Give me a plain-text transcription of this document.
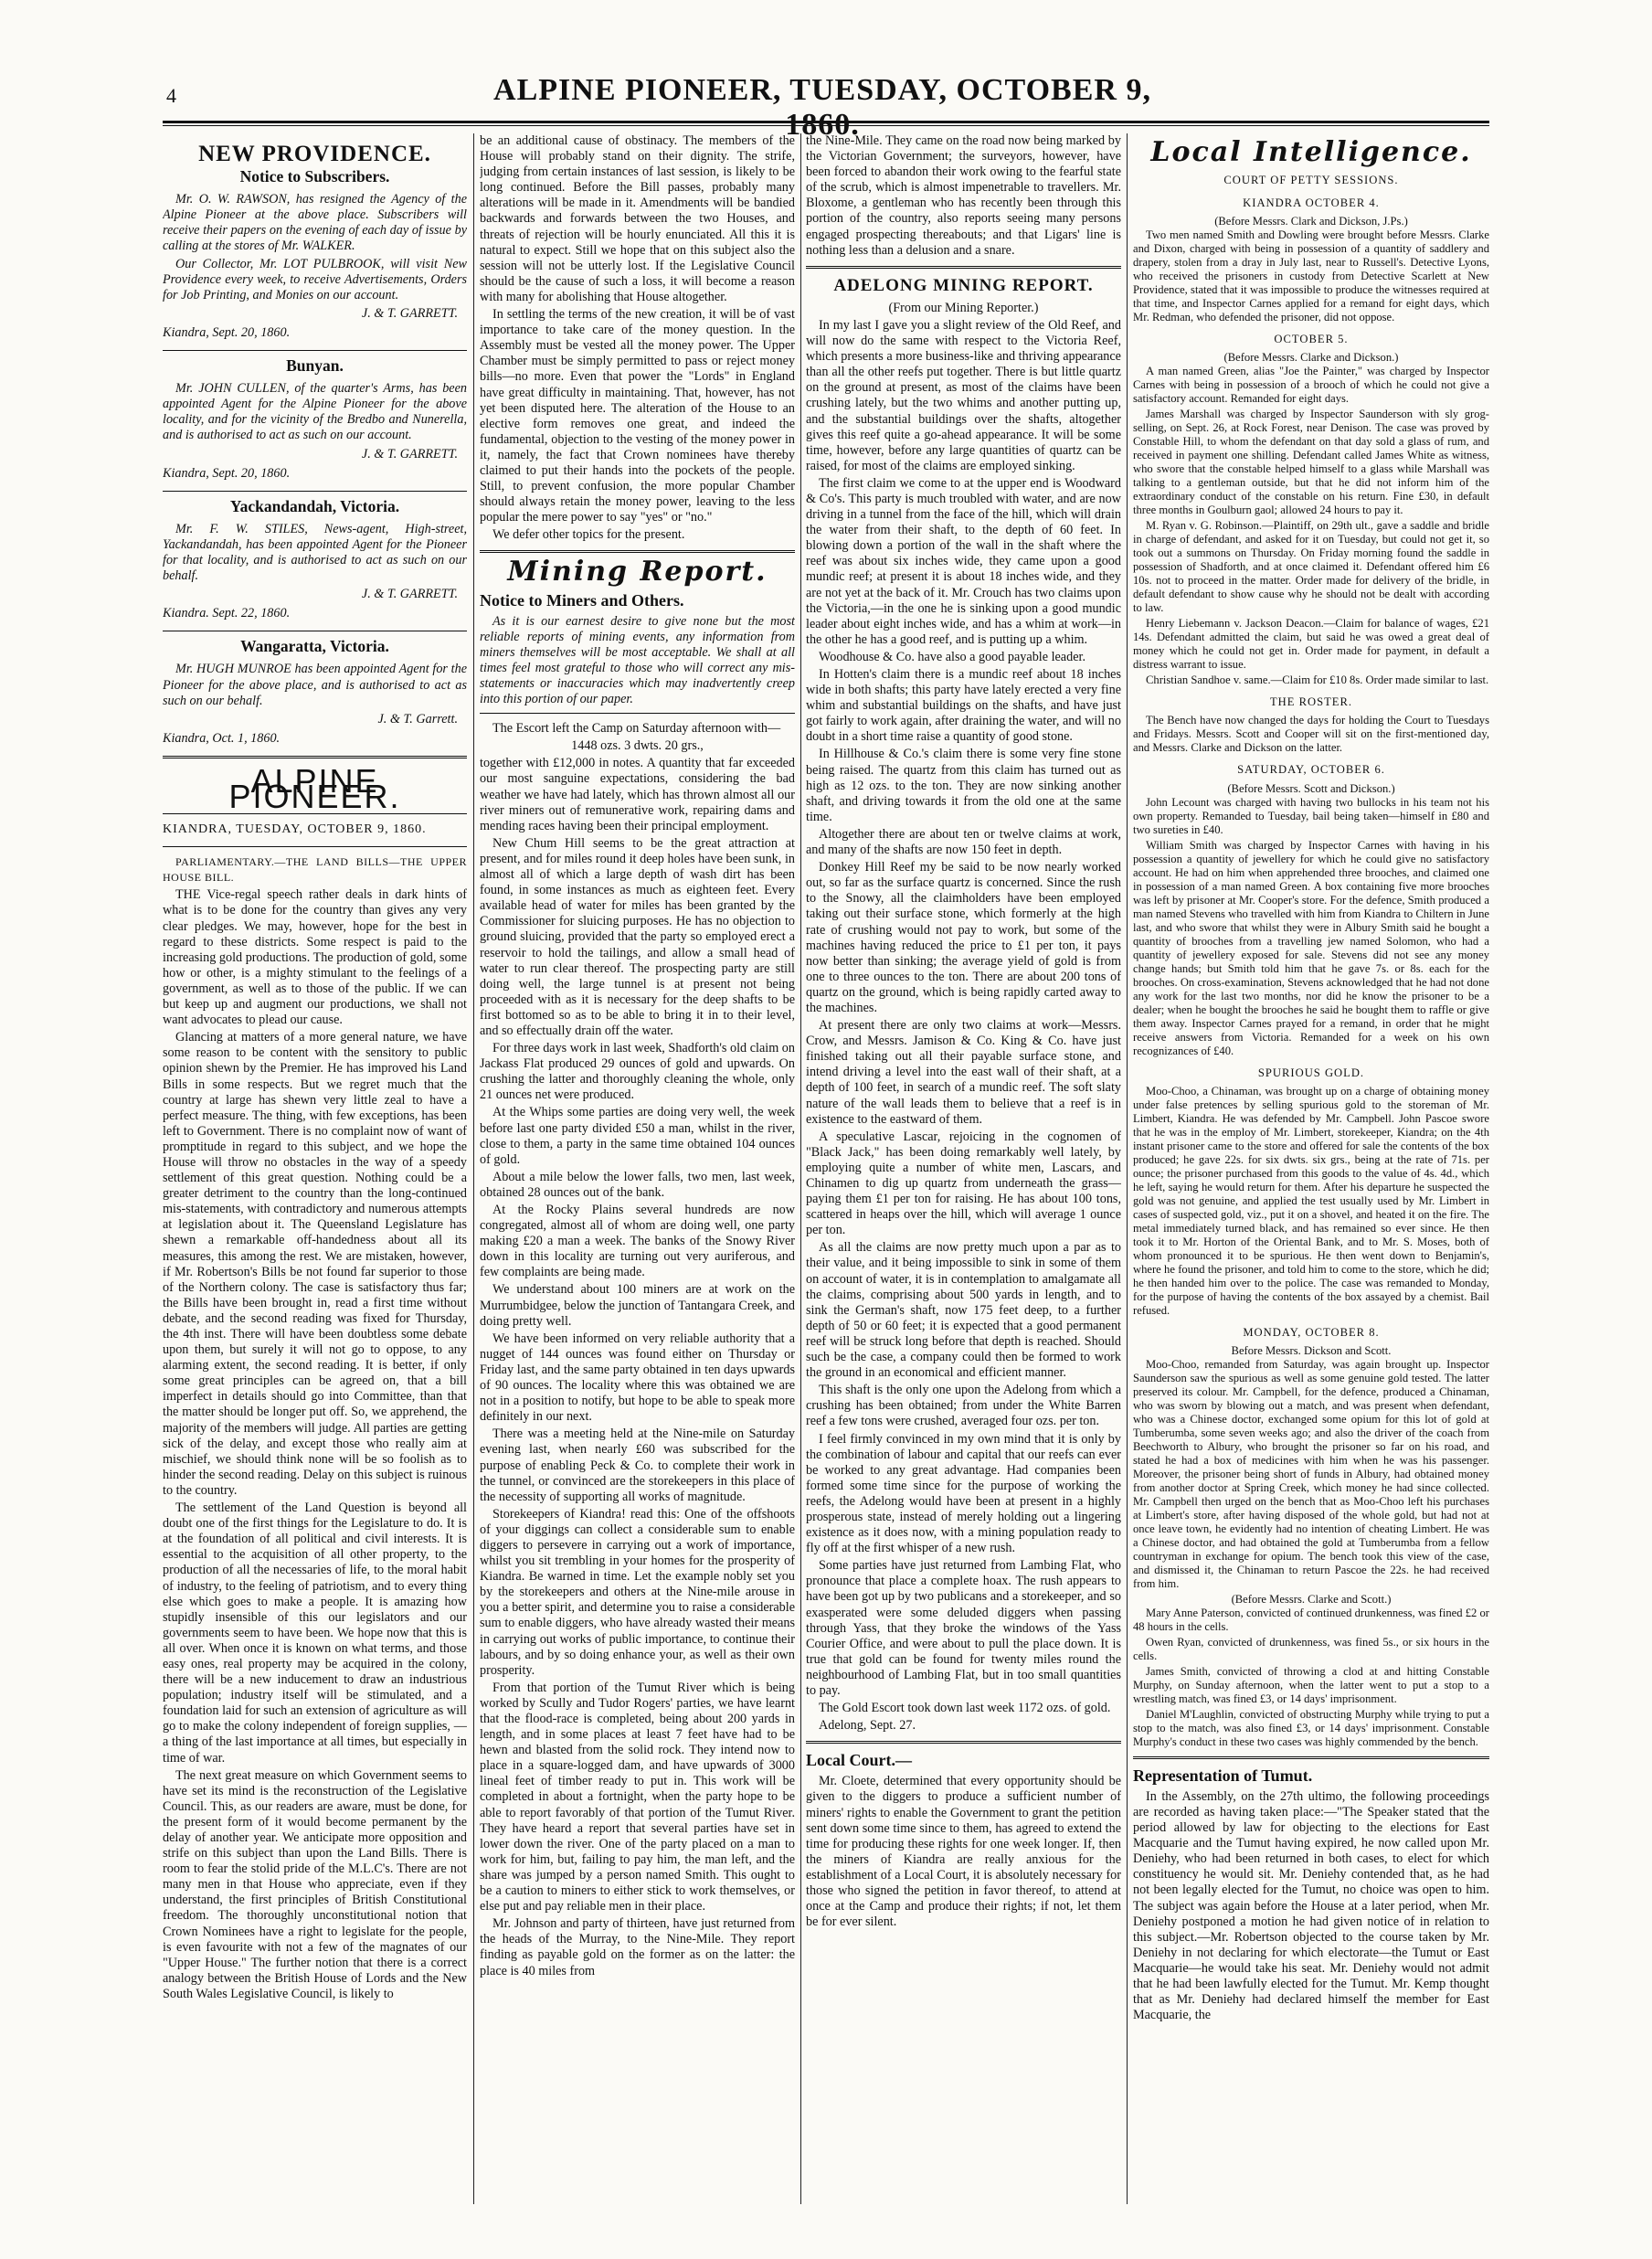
4	ALPINE PIONEER, TUESDAY, OCTOBER 9, 1860.
NEW PROVIDENCE.
Notice to Subscribers.

Mr. O. W. RAWSON, has resigned the Agency of the Alpine Pioneer at the above place. Subscribers will receive their papers on the evening of each day of issue by calling at the stores of Mr. WALKER.

Our Collector, Mr. LOT PULBROOK, will visit New Providence every week, to receive Advertisements, Orders for Job Printing, and Monies on our account.

J. & T. GARRETT.
Kiandra, Sept. 20, 1860.
Bunyan.

Mr. JOHN CULLEN, of the quarter's Arms, has been appointed Agent for the Alpine Pioneer for the above locality, and for the vicinity of the Bredbo and Nunerella, and is authorised to act as such on our account.

J. & T. GARRETT.
Kiandra, Sept. 20, 1860.
Yackandandah, Victoria.

Mr. F. W. STILES, News-agent, High-street, Yackandandah, has been appointed Agent for the Pioneer for that locality, and is authorised to act as such on our behalf.

J. & T. GARRETT.
Kiandra. Sept. 22, 1860.
Wangaratta, Victoria.

Mr. HUGH MUNROE has been appointed Agent for the Pioneer for the above place, and is authorised to act as such on our behalf.

J. & T. Garrett.
Kiandra, Oct. 1, 1860.
ALPINE PIONEER.
KIANDRA, TUESDAY, OCTOBER 9, 1860.

PARLIAMENTARY.—THE LAND BILLS—THE UPPER HOUSE BILL.

THE Vice-regal speech rather deals in dark hints of what is to be done for the country than gives any very clear pledges. We may, however, hope for the best in regard to these districts. Some respect is paid to the increasing gold productions. The production of gold, some how or other, is a mighty stimulant to the feelings of a government, as well as to those of the public. If we can but keep up and augment our productions, we shall not want advocates to plead our cause.

Glancing at matters of a more general nature, we have some reason to be content with the sensitory to public opinion shewn by the Premier. He has improved his Land Bills in some respects. But we regret much that the country at large has shewn very little zeal to have a perfect measure. The thing, with few exceptions, has been left to Government. There is no complaint now of want of promptitude in regard to this subject, and we hope the House will throw no obstacles in the way of a speedy settlement of this great question. Nothing could be a greater detriment to the country than the long-continued mis-statements, with contradictory and numerous attempts at legislation about it. The Queensland Legislature has shewn a remarkable off-handedness about all its measures, this among the rest. We are mistaken, however, if Mr. Robertson's Bills be not found far superior to those of the Northern colony. The case is satisfactory thus far; the Bills have been brought in, read a first time without debate, and the second reading was fixed for Thursday, the 4th inst. There will have been doubtless some debate upon them, but surely it will not go to oppose, to any alarming extent, the second reading. It is better, if only some great principles can be agreed on, that a bill imperfect in details should go into Committee, than that the matter should be longer put off. So, we apprehend, the majority of the members will judge. All parties are getting sick of the delay, and except those who really aim at mischief, we should think none will be so foolish as to hinder the second reading. Delay on this subject is ruinous to the country.

The settlement of the Land Question is beyond all doubt one of the first things for the Legislature to do. It is at the foundation of all political and civil interests. It is essential to the acquisition of all other property, to the production of all the necessaries of life, to the moral habit of industry, to the feeling of patriotism, and to every thing else which goes to make a people. It is amazing how stupidly insensible of this our legislators and our governments seem to have been. We hope now that this is all over. When once it is known on what terms, and those easy ones, real property may be acquired in the colony, there will be a new inducement to draw an industrious population; industry itself will be stimulated, and a foundation laid for such an extension of agriculture as will go to make the colony independent of foreign supplies, —a thing of the last importance at all times, but especially in time of war.

The next great measure on which Government seems to have set its mind is the reconstruction of the Legislative Council. This, as our readers are aware, must be done, for the present form of it would become permanent by the delay of another year. We anticipate more opposition and strife on this subject than upon the Land Bills. There is room to fear the stolid pride of the M.L.C's. There are not many men in that House who appreciate, even if they understand, the first principles of British Constitutional freedom. The thoroughly unconstitutional notion that Crown Nominees have a right to legislate for the people, is even favourite with not a few of the magnates of our "Upper House." The further notion that there is a correct analogy between the British House of Lords and the New South Wales Legislative Council, is likely to

be an additional cause of obstinacy. The members of the House will probably stand on their dignity. The strife, judging from certain instances of last session, is likely to be long continued. Before the Bill passes, probably many alterations will be made in it. Amendments will be bandied backwards and forwards between the two Houses, and threats of rejection will be hourly enunciated. All this it is natural to expect. Still we hope that on this subject also the session will not be utterly lost. If the Legislative Council should be the cause of such a loss, it will become a reason with many for abolishing that House altogether.

In settling the terms of the new creation, it will be of vast importance to take care of the money question. In the Assembly must be vested all the money power. The Upper Chamber must be simply permitted to pass or reject money bills—no more. Even that power the "Lords" in England have great difficulty in maintaining. That, however, has not yet been disputed here. The alteration of the House to an elective form removes one great, and indeed the fundamental, objection to the vesting of the money power in it, namely, the fact that Crown nominees have thereby claimed to put their hands into the pockets of the people. Still, to prevent confusion, the more popular Chamber should always retain the money power, leaving to the less popular the mere power to say "yes" or "no."

We defer other topics for the present.

Mining Report.
Notice to Miners and Others.

As it is our earnest desire to give none but the most reliable reports of mining events, any information from miners themselves will be most acceptable. We shall at all times feel most grateful to those who will correct any mis-statements or inaccuracies which may inadvertently creep into this portion of our paper.

The Escort left the Camp on Saturday afternoon with—

1448 ozs. 3 dwts. 20 grs.,

together with £12,000 in notes. A quantity that far exceeded our most sanguine expectations, considering the bad weather we have had lately, which has thrown almost all our river miners out of remunerative work, repairing dams and mending races having been their principal employment.

New Chum Hill seems to be the great attraction at present, and for miles round it deep holes have been sunk, in almost all of which a large depth of wash dirt has been found, in some instances as much as eighteen feet. Every available head of water for miles has been granted by the Commissioner for sluicing purposes. He has no objection to ground sluicing, provided that the party so employed erect a reservoir to hold the tailings, and allow a small head of water to run clear thereof. The prospecting party are still doing well, the large tunnel is at present not being proceeded with as it is necessary for the deep shafts to be first bottomed so as to be able to bring it in to their level, and so effectually drain off the water.

For three days work in last week, Shadforth's old claim on Jackass Flat produced 29 ounces of gold and upwards. On crushing the latter and thoroughly cleaning the whole, only 21 ounces net were produced.

At the Whips some parties are doing very well, the week before last one party divided £50 a man, whilst in the river, close to them, a party in the same time obtained 104 ounces of gold.

About a mile below the lower falls, two men, last week, obtained 28 ounces out of the bank.

At the Rocky Plains several hundreds are now congregated, almost all of whom are doing well, one party making £20 a man a week. The banks of the Snowy River down in this locality are turning out very auriferous, and few complaints are being made.

We understand about 100 miners are at work on the Murrumbidgee, below the junction of Tantangara Creek, and doing pretty well.

We have been informed on very reliable authority that a nugget of 144 ounces was found either on Thursday or Friday last, and the same party obtained in ten days upwards of 90 ounces. The locality where this was obtained we are not in a position to notify, but hope to be able to speak more definitely in our next.

There was a meeting held at the Nine-mile on Saturday evening last, when nearly £60 was subscribed for the purpose of enabling Peck & Co. to complete their work in the tunnel, or convinced are the storekeepers in this place of the necessity of supporting all works of magnitude.

Storekeepers of Kiandra! read this: One of the offshoots of your diggings can collect a considerable sum to enable diggers to persevere in carrying out a work of importance, whilst you sit trembling in your homes for the prosperity of Kiandra. Be warned in time. Let the example nobly set you by the storekeepers and others at the Nine-mile arouse in you a better spirit, and determine you to raise a considerable sum to enable diggers, who have already wasted their means in carrying out works of public importance, to continue their labours, and by so doing enhance your, as well as their own prosperity.

From that portion of the Tumut River which is being worked by Scully and Tudor Rogers' parties, we have learnt that the flood-race is completed, being about 200 yards in length, and in some places at least 7 feet have had to be hewn and blasted from the solid rock. They intend now to place in a square-logged dam, and have upwards of 3000 lineal feet of timber ready to put in. This work will be completed in about a fortnight, when the party hope to be able to report favorably of that portion of the Tumut River. They have heard a report that several parties have set in lower down the river. One of the party placed on a man to work for him, but, failing to pay him, the man left, and the share was jumped by a person named Smith. This ought to be a caution to miners to either stick to work themselves, or else put and pay reliable men in their place.

Mr. Johnson and party of thirteen, have just returned from the heads of the Murray, to the Nine-Mile. They report finding as payable gold on the former as on the latter: the place is 40 miles from

the Nine-Mile. They came on the road now being marked by the Victorian Government; the surveyors, however, have been forced to abandon their work owing to the fearful state of the scrub, which is almost impenetrable to travellers. Mr. Bloxome, a gentleman who has recently been through this portion of the country, also reports seeing many persons engaged prospecting thereabouts; and that Ligars' line is nothing less than a delusion and a snare.

ADELONG MINING REPORT.

(From our Mining Reporter.)

In my last I gave you a slight review of the Old Reef, and will now do the same with respect to the Victoria Reef, which presents a more business-like and thriving appearance than all the other reefs put together. There is but little quartz on the ground at present, as most of the claims have been crushing lately, but the two whims and another putting up, and the substantial buildings over the shafts, altogether gives this reef quite a go-ahead appearance. It will be some time, however, before any large quantities of quartz can be raised, for most of the claims are employed sinking.

The first claim we come to at the upper end is Woodward & Co's. This party is much troubled with water, and are now driving in a tunnel from the face of the hill, which will drain the water from their shaft, to the depth of 60 feet. In blowing down a portion of the wall in the shaft where the reef was about six inches wide, they came upon a good mundic reef; at present it is about 18 inches wide, and they are not yet at the back of it. Mr. Crouch has two claims upon the Victoria,—in the one he is sinking upon a good mundic leader about eight inches wide, and has a whim at work—in the other he has a good reef, and is putting up a whim.

Woodhouse & Co. have also a good payable leader.

In Hotten's claim there is a mundic reef about 18 inches wide in both shafts; this party have lately erected a very fine whim and substantial buildings on the shafts, and have just got fairly to work again, after draining the water, and will no doubt in a short time raise a quantity of good stone.

In Hillhouse & Co.'s claim there is some very fine stone being raised. The quartz from this claim has turned out as high as 12 ozs. to the ton. They are now sinking another shaft, and driving towards it from the old one at the same time.

Altogether there are about ten or twelve claims at work, and many of the shafts are now 150 feet in depth.

Donkey Hill Reef my be said to be now nearly worked out, so far as the surface quartz is concerned. Since the rush to the Snowy, all the claimholders have been employed taking out their surface stone, which formerly at the high rate of crushing would not pay to work, but some of the machines having reduced the price to £1 per ton, it pays now better than sinking; the average yield of gold is from one to three ounces to the ton. There are about 200 tons of quartz on the ground, which is being rapidly carted away to the machines.

At present there are only two claims at work—Messrs. Crow, and Messrs. Jamison & Co. King & Co. have just finished taking out all their payable surface stone, and intend driving a level into the east wall of their shaft, at a depth of 100 feet, in search of a mundic reef. The soft slaty nature of the wall leads them to believe that a reef is in existence to the eastward of them.

A speculative Lascar, rejoicing in the cognomen of "Black Jack," has been doing remarkably well lately, by employing quite a number of white men, Lascars, and Chinamen to dig up quartz from underneath the grass—paying them £1 per ton for raising. He has about 100 tons, scattered in heaps over the hill, which will average 1 ounce per ton.

As all the claims are now pretty much upon a par as to their value, and it being impossible to sink in some of them on account of water, it is in contemplation to amalgamate all the claims, comprising about 500 yards in length, and to sink the German's shaft, now 175 feet deep, to a further depth of 50 or 60 feet; it is expected that a good permanent reef will be struck long before that depth is reached. Should such be the case, a company could then be formed to work the ground in an economical and efficient manner.

This shaft is the only one upon the Adelong from which a crushing has been obtained; from under the White Barren reef a few tons were crushed, averaged four ozs. per ton.

I feel firmly convinced in my own mind that it is only by the combination of labour and capital that our reefs can ever be worked to any great advantage. Had companies been formed some time since for the purpose of working the reefs, the Adelong would have been at present in a highly prosperous state, instead of merely holding out a lingering existence as it does now, with a mining population ready to fly off at the first whisper of a new rush.

Some parties have just returned from Lambing Flat, who pronounce that place a complete hoax. The rush appears to have been got up by two publicans and a storekeeper, and so exasperated were some deluded diggers when passing through Yass, that they broke the windows of the Yass Courier Office, and were about to pull the place down. It is true that gold can be found for twenty miles round the neighbourhood of Lambing Flat, but in too small quantities to pay.

The Gold Escort took down last week 1172 ozs. of gold.

Adelong, Sept. 27.

Local Court.—

Mr. Cloete, determined that every opportunity should be given to the diggers to produce a sufficient number of miners' rights to enable the Government to grant the petition sent down some time since to them, has agreed to extend the time for producing these rights for one week longer. If, then the miners of Kiandra are really anxious for the establishment of a Local Court, it is absolutely necessary for those who signed the petition in favor thereof, to attend at once at the Camp and produce their rights; if not, let them be for ever silent.

Local Intelligence.
COURT OF PETTY SESSIONS.
KIANDRA OCTOBER 4.
(Before Messrs. Clark and Dickson, J.Ps.)

Two men named Smith and Dowling were brought before Messrs. Clarke and Dixon, charged with being in possession of a quantity of saddlery and drapery, stolen from a dray in July last, near to Russell's. Detective Lyons, who received the prisoners in custody from Detective Scarlett at New Providence, stated that it was impossible to produce the witnesses required at that time, and Inspector Carnes applied for a remand for eight days, which Mr. Redman, who defended the prisoner, did not oppose.

OCTOBER 5.
(Before Messrs. Clarke and Dickson.)

A man named Green, alias "Joe the Painter," was charged by Inspector Carnes with being in possession of a brooch of which he could not give a satisfactory account. Remanded for eight days.

James Marshall was charged by Inspector Saunderson with sly grog-selling, on Sept. 26, at Rock Forest, near Denison. The case was proved by Constable Hill, to whom the defendant on that day sold a glass of rum, and received in payment one shilling. Defendant called James White as witness, who swore that the constable helped himself to a glass while Marshall was talking to a gentleman outside, but that he did not inform him of the extraordinary conduct of the constable on his return. Fine £30, in default three months in Goulburn gaol; allowed 24 hours to pay it.

M. Ryan v. G. Robinson.—Plaintiff, on 29th ult., gave a saddle and bridle in charge of defendant, and asked for it on Tuesday, but could not get it, so took out a summons on Thursday. On Friday morning found the saddle in possession of Shadforth, and at once claimed it. Defendant offered him £6 10s. not to proceed in the matter. Order made for delivery of the bridle, in default defendant to show cause why he should not be dealt with according to law.

Henry Liebemann v. Jackson Deacon.—Claim for balance of wages, £21 14s. Defendant admitted the claim, but said he was owed a great deal of money which he could not get in. Order made for payment, in default a distress warrant to issue.

Christian Sandhoe v. same.—Claim for £10 8s. Order made similar to last.

THE ROSTER.

The Bench have now changed the days for holding the Court to Tuesdays and Fridays. Messrs. Scott and Cooper will sit on the first-mentioned day, and Messrs. Clarke and Dickson on the latter.

SATURDAY, OCTOBER 6.
(Before Messrs. Scott and Dickson.)

John Lecount was charged with having two bullocks in his team not his own property. Remanded to Tuesday, bail being taken—himself in £80 and two sureties in £40.

William Smith was charged by Inspector Carnes with having in his possession a quantity of jewellery for which he could give no satisfactory account. He had on him when apprehended three brooches, and claimed one in possession of a man named Green. A box containing five more brooches was left by prisoner at Mr. Cooper's store. For the defence, Smith produced a man named Stevens who travelled with him from Kiandra to Chiltern in June last, and who swore that whilst they were in Albury Smith said he bought a quantity of brooches from a travelling jew named Solomon, who had a quantity of jewellery exposed for sale. Stevens did not see any money change hands; but Smith told him that he gave 7s. or 8s. each for the brooches. On cross-examination, Stevens acknowledged that he had not done any work for the last two months, nor did he know the prisoner to be a dealer; when he bought the brooches he said he bought them to raffle or give them away. Inspector Carnes prayed for a remand, in order that he might receive answers from Victoria. Remanded for a week on his own recognizances of £40.

SPURIOUS GOLD.

Moo-Choo, a Chinaman, was brought up on a charge of obtaining money under false pretences by selling spurious gold to the storeman of Mr. Limbert, Kiandra. He was defended by Mr. Campbell. John Pascoe swore that he was in the employ of Mr. Limbert, storekeeper, Kiandra; on the 4th instant prisoner came to the store and offered for sale the contents of the box produced; he gave 22s. for six dwts. six grs., being at the rate of 71s. per ounce; the prisoner purchased from this goods to the value of 4s. 4d., which he left, saying he would return for them. After his departure he suspected the gold was not genuine, and applied the test usually used by Mr. Limbert in cases of suspected gold, viz., put it on a shovel, and heated it on the fire. The metal immediately turned black, and has remained so ever since. He then took it to Mr. Horton of the Oriental Bank, and to Mr. S. Moses, both of whom pronounced it to be spurious. He then went down to Benjamin's, where he found the prisoner, and told him to come to the store, which he did; he then handed him over to the police. The case was remanded to Monday, for the purpose of having the contents of the box assayed by a chemist. Bail refused.

MONDAY, OCTOBER 8.
Before Messrs. Dickson and Scott.

Moo-Choo, remanded from Saturday, was again brought up. Inspector Saunderson saw the spurious as well as some genuine gold tested. The latter preserved its colour. Mr. Campbell, for the defence, produced a Chinaman, who was sworn by blowing out a match, and was present when defendant, who was a Chinese doctor, exchanged some opium for this lot of gold at Tumberumba, some seven weeks ago; and also the driver of the coach from Beechworth to Albury, who brought the prisoner so far on his road, and stated he had a box of medicines with him when he was his passenger. Moreover, the prisoner being short of funds in Albury, had obtained money from another doctor at Spring Creek, which money he had since collected. Mr. Campbell then urged on the bench that as Moo-Choo left his purchases at Limbert's store, after having disposed of the whole gold, but had not at once leave town, he evidently had no intention of cheating Limbert. He was a Chinese doctor, and had obtained the gold at Tumberumba from a fellow countryman in exchange for opium. The bench took this view of the case, and dismissed it, the Chinaman to return Pascoe the 22s. he had received from him.

(Before Messrs. Clarke and Scott.)

Mary Anne Paterson, convicted of continued drunkenness, was fined £2 or 48 hours in the cells.

Owen Ryan, convicted of drunkenness, was fined 5s., or six hours in the cells.

James Smith, convicted of throwing a clod at and hitting Constable Murphy, on Sunday afternoon, when the latter went to put a stop to a wrestling match, was fined £3, or 14 days' imprisonment.

Daniel M'Laughlin, convicted of obstructing Murphy while trying to put a stop to the match, was also fined £3, or 14 days' imprisonment. Constable Murphy's conduct in these two cases was highly commended by the bench.

Representation of Tumut.

In the Assembly, on the 27th ultimo, the following proceedings are recorded as having taken place:—"The Speaker stated that the period allowed by law for objecting to the elections for East Macquarie and the Tumut having expired, he now called upon Mr. Deniehy, who had been returned in both cases, to elect for which constituency he would sit. Mr. Deniehy contended that, as he had not been legally elected for the Tumut, no choice was open to him. The subject was again before the House at a later period, when Mr. Deniehy postponed a motion he had given notice of in relation to this subject.—Mr. Robertson objected to the course taken by Mr. Deniehy in not declaring for which electorate—the Tumut or East Macquarie—he would take his seat. Mr. Deniehy would not admit that he had been lawfully elected for the Tumut. Mr. Kemp thought that as Mr. Deniehy had declared himself the member for East Macquarie, the
